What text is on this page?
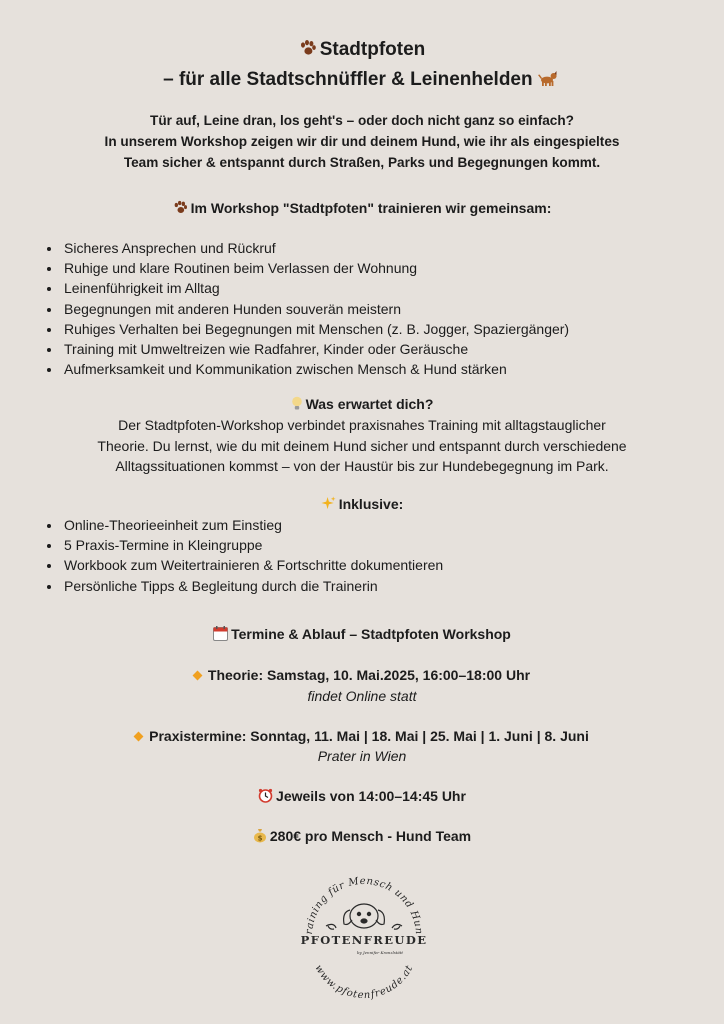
Stadtpfoten
– für alle Stadtschnüffler & Leinenhelden
Tür auf, Leine dran, los geht's – oder doch nicht ganz so einfach?
In unserem Workshop zeigen wir dir und deinem Hund, wie ihr als eingespieltes
Team sicher & entspannt durch Straßen, Parks und Begegnungen kommt.
Im Workshop "Stadtpfoten" trainieren wir gemeinsam:
• Sicheres Ansprechen und Rückruf
• Ruhige und klare Routinen beim Verlassen der Wohnung
• Leinenführigkeit im Alltag
• Begegnungen mit anderen Hunden souverän meistern
• Ruhiges Verhalten bei Begegnungen mit Menschen (z. B. Jogger, Spaziergänger)
• Training mit Umweltreizen wie Radfahrer, Kinder oder Geräusche
• Aufmerksamkeit und Kommunikation zwischen Mensch & Hund stärken
Was erwartet dich?
Der Stadtpfoten-Workshop verbindet praxisnahes Training mit alltagstauglicher
Theorie. Du lernst, wie du mit deinem Hund sicher und entspannt durch verschiedene
Alltagssituationen kommst – von der Haustür bis zur Hundebegegnung im Park.
Inklusive:
• Online-Theorieeinheit zum Einstieg
• 5 Praxis-Termine in Kleingruppe
• Workbook zum Weitertrainieren & Fortschritte dokumentieren
• Persönliche Tipps & Begleitung durch die Trainerin
Termine & Ablauf – Stadtpfoten Workshop
Theorie: Samstag, 10. Mai.2025, 16:00–18:00 Uhr
findet Online statt
Praxistermine: Sonntag, 11. Mai | 18. Mai | 25. Mai | 1. Juni | 8. Juni
Prater in Wien
Jeweils von 14:00–14:45 Uhr
$ 280€ pro Mensch - Hund Team
raining für Mensch und Hun
PFOTENFREUDE
by Jennifer Kranzlstätt
www.pfotenfreude.at
